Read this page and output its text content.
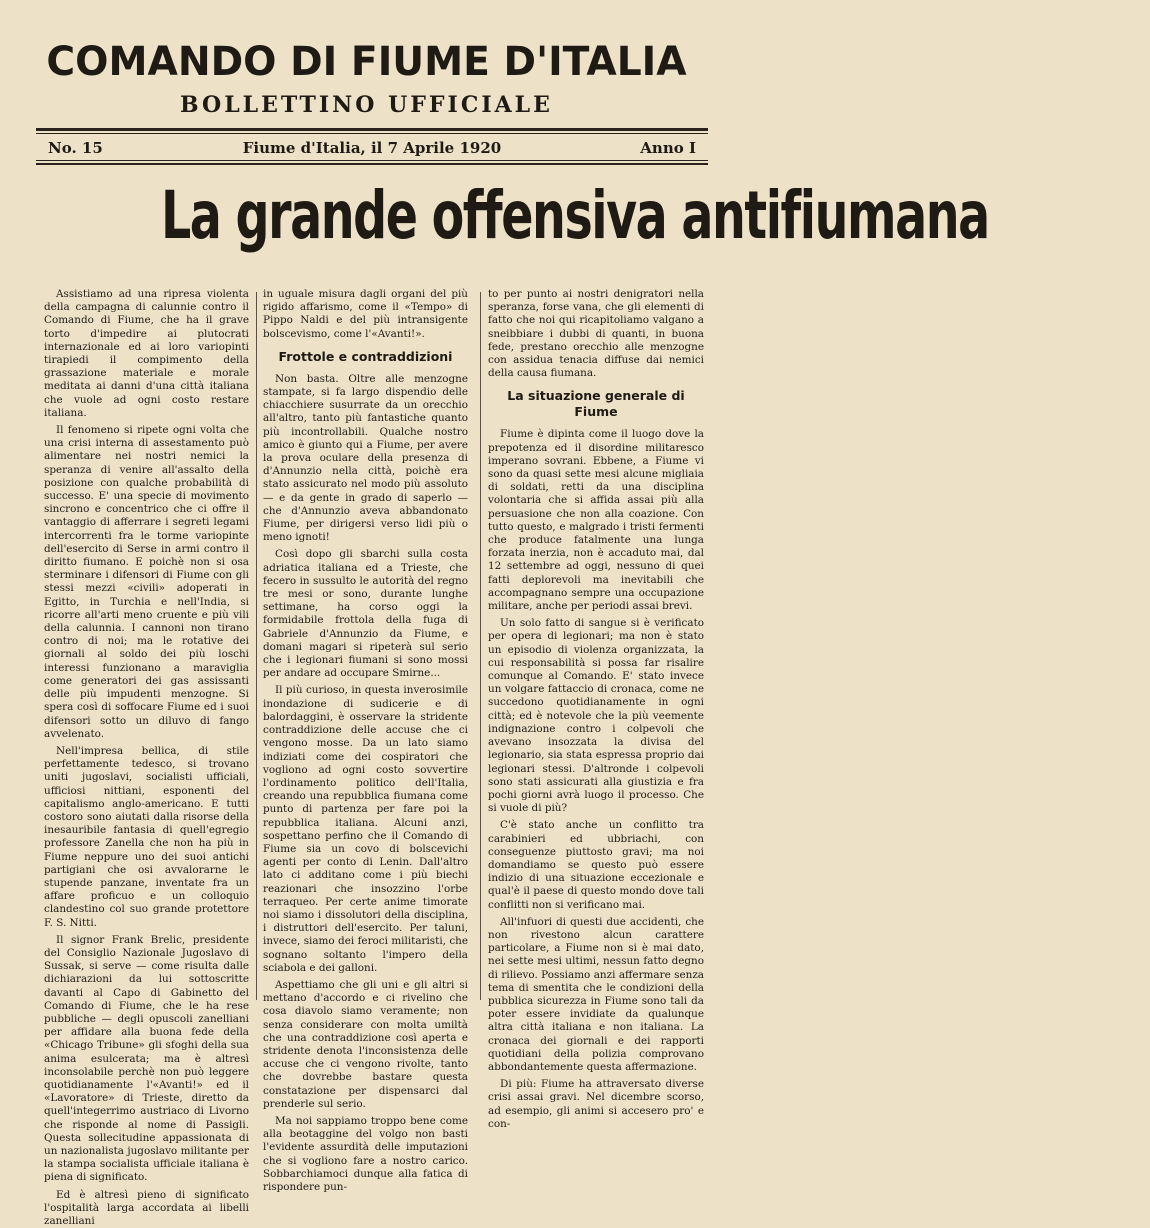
COMANDO DI FIUME D'ITALIA
BOLLETTINO UFFICIALE
No. 15	Fiume d'Italia, il 7 Aprile 1920	Anno I
La grande offensiva antifiumana

Assistiamo ad una ripresa violenta della campagna di calunnie contro il Comando di Fiume, che ha il grave torto d'impedire ai plutocrati internazionale ed ai loro variopinti tirapiedi il compimento della grassazione materiale e morale meditata ai danni d'una città italiana che vuole ad ogni costo restare italiana.

Il fenomeno si ripete ogni volta che una crisi interna di assestamento può alimentare nei nostri nemici la speranza di venire all'assalto della posizione con qualche probabilità di successo. E' una specie di movimento sincrono e concentrico che ci offre il vantaggio di afferrare i segreti legami intercorrenti fra le torme variopinte dell'esercito di Serse in armi contro il diritto fiumano. E poichè non si osa sterminare i difensori di Fiume con gli stessi mezzi «civili» adoperati in Egitto, in Turchia e nell'India, si ricorre all'arti meno cruente e più vili della calunnia. I cannoni non tirano contro di noi; ma le rotative dei giornali al soldo dei più loschi interessi funzionano a maraviglia come generatori dei gas assissanti delle più impudenti menzogne. Si spera così di soffocare Fiume ed i suoi difensori sotto un diluvo di fango avvelenato.

Nell'impresa bellica, di stile perfettamente tedesco, si trovano uniti jugoslavi, socialisti ufficiali, ufficiosi nittiani, esponenti del capitalismo anglo-americano. E tutti costoro sono aiutati dalla risorse della inesauribile fantasia di quell'egregio professore Zanella che non ha più in Fiume neppure uno dei suoi antichi partigiani che osi avvalorarne le stupende panzane, inventate fra un affare proficuo e un colloquio clandestino col suo grande protettore F. S. Nitti.

Il signor Frank Brelic, presidente del Consiglio Nazionale Jugoslavo di Sussak, si serve — come risulta dalle dichiarazioni da lui sottoscritte davanti al Capo di Gabinetto del Comando di Fiume, che le ha rese pubbliche — degli opuscoli zanelliani per affidare alla buona fede della «Chicago Tribune» gli sfoghi della sua anima esulcerata; ma è altresì inconsolabile perchè non può leggere quotidianamente l'«Avanti!» ed il «Lavoratore» di Trieste, diretto da quell'integerrimo austriaco di Livorno che risponde al nome di Passigli. Questa sollecitudine appassionata di un nazionalista jugoslavo militante per la stampa socialista ufficiale italiana è piena di significato.

Ed è altresì pieno di significato l'ospitalità larga accordata ai libelli zanelliani

in uguale misura dagli organi del più rigido affarismo, come il «Tempo» di Pippo Naldi e del più intransigente bolscevismo, come l'«Avanti!».

Frottole e contraddizioni

Non basta. Oltre alle menzogne stampate, si fa largo dispendio delle chiacchiere susurrate da un orecchio all'altro, tanto più fantastiche quanto più incontrollabili. Qualche nostro amico è giunto qui a Fiume, per avere la prova oculare della presenza di d'Annunzio nella città, poichè era stato assicurato nel modo più assoluto — e da gente in grado di saperlo — che d'Annunzio aveva abbandonato Fiume, per dirigersi verso lidi più o meno ignoti!

Così dopo gli sbarchi sulla costa adriatica italiana ed a Trieste, che fecero in sussulto le autorità del regno tre mesi or sono, durante lunghe settimane, ha corso oggi la formidabile frottola della fuga di Gabriele d'Annunzio da Fiume, e domani magari si ripeterà sul serio che i legionari fiumani si sono mossi per andare ad occupare Smirne...

Il più curioso, in questa inverosimile inondazione di sudicerie e di balordaggini, è osservare la stridente contraddizione delle accuse che ci vengono mosse. Da un lato siamo indiziati come dei cospiratori che vogliono ad ogni costo sovvertire l'ordinamento politico dell'Italia, creando una repubblica fiumana come punto di partenza per fare poi la repubblica italiana. Alcuni anzi, sospettano perfino che il Comando di Fiume sia un covo di bolscevichi agenti per conto di Lenin. Dall'altro lato ci additano come i più biechi reazionari che insozzino l'orbe terraqueo. Per certe anime timorate noi siamo i dissolutori della disciplina, i distruttori dell'esercito. Per taluni, invece, siamo dei feroci militaristi, che sognano soltanto l'impero della sciabola e dei galloni.

Aspettiamo che gli uni e gli altri si mettano d'accordo e ci rivelino che cosa diavolo siamo veramente; non senza considerare con molta umiltà che una contraddizione così aperta e stridente denota l'inconsistenza delle accuse che ci vengono rivolte, tanto che dovrebbe bastare questa constatazione per dispensarci dal prenderle sul serio.

Ma noi sappiamo troppo bene come alla beotaggine del volgo non basti l'evidente assurdità delle imputazioni che si vogliono fare a nostro carico. Sobbarchiamoci dunque alla fatica di rispondere pun-

to per punto ai nostri denigratori nella speranza, forse vana, che gli elementi di fatto che noi qui ricapitoliamo valgano a sneibbiare i dubbi di quanti, in buona fede, prestano orecchio alle menzogne con assidua tenacia diffuse dai nemici della causa fiumana.

La situazione generale di Fiume

Fiume è dipinta come il luogo dove la prepotenza ed il disordine militaresco imperano sovrani. Ebbene, a Fiume vi sono da quasi sette mesi alcune migliaia di soldati, retti da una disciplina volontaria che si affida assai più alla persuasione che non alla coazione. Con tutto questo, e malgrado i tristi fermenti che produce fatalmente una lunga forzata inerzia, non è accaduto mai, dal 12 settembre ad oggi, nessuno di quei fatti deplorevoli ma inevitabili che accompagnano sempre una occupazione militare, anche per periodi assai brevi.

Un solo fatto di sangue si è verificato per opera di legionari; ma non è stato un episodio di violenza organizzata, la cui responsabilità si possa far risalire comunque al Comando. E' stato invece un volgare fattaccio di cronaca, come ne succedono quotidianamente in ogni città; ed è notevole che la più veemente indignazione contro i colpevoli che avevano insozzata la divisa del legionario, sia stata espressa proprio dai legionari stessi. D'altronde i colpevoli sono stati assicurati alla giustizia e fra pochi giorni avrà luogo il processo. Che si vuole di più?

C'è stato anche un conflitto tra carabinieri ed ubbriachi, con conseguenze piuttosto gravi; ma noi domandiamo se questo può essere indizio di una situazione eccezionale e qual'è il paese di questo mondo dove tali conflitti non si verificano mai.

All'infuori di questi due accidenti, che non rivestono alcun carattere particolare, a Fiume non si è mai dato, nei sette mesi ultimi, nessun fatto degno di rilievo. Possiamo anzi affermare senza tema di smentita che le condizioni della pubblica sicurezza in Fiume sono tali da poter essere invidiate da qualunque altra città italiana e non italiana. La cronaca dei giornali e dei rapporti quotidiani della polizia comprovano abbondantemente questa affermazione.

Di più: Fiume ha attraversato diverse crisi assai gravi. Nel dicembre scorso, ad esempio, gli animi si accesero pro' e con-
